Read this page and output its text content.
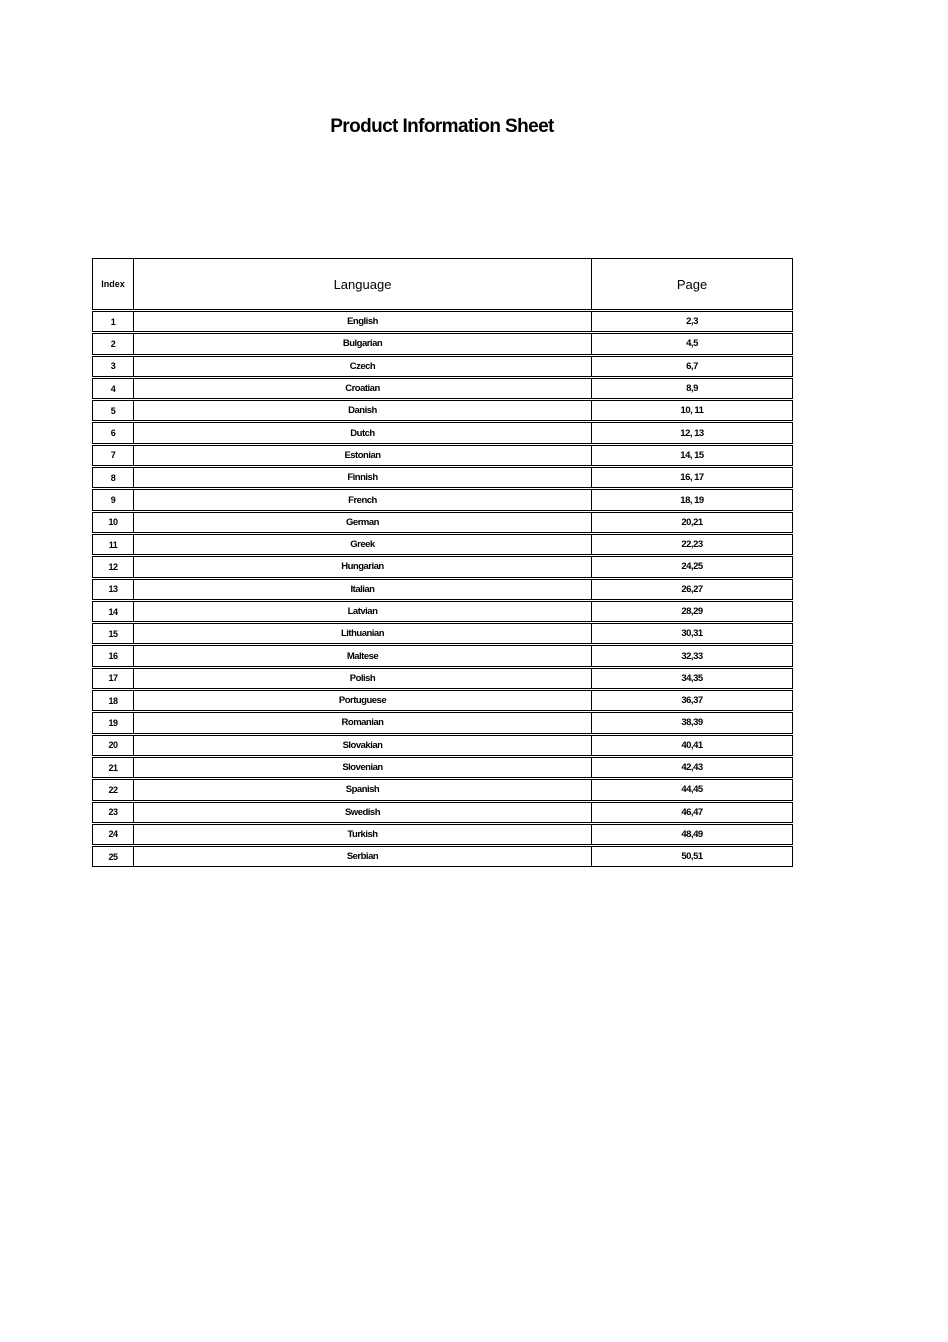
Product Information Sheet
Index	Language	Page
1	English	2,3
2	Bulgarian	4,5
3	Czech	6,7
4	Croatian	8,9
5	Danish	10, 11
6	Dutch	12, 13
7	Estonian	14, 15
8	Finnish	16, 17
9	French	18, 19
10	German	20,21
11	Greek	22,23
12	Hungarian	24,25
13	Italian	26,27
14	Latvian	28,29
15	Lithuanian	30,31
16	Maltese	32,33
17	Polish	34,35
18	Portuguese	36,37
19	Romanian	38,39
20	Slovakian	40,41
21	Slovenian	42,43
22	Spanish	44,45
23	Swedish	46,47
24	Turkish	48,49
25	Serbian	50,51
